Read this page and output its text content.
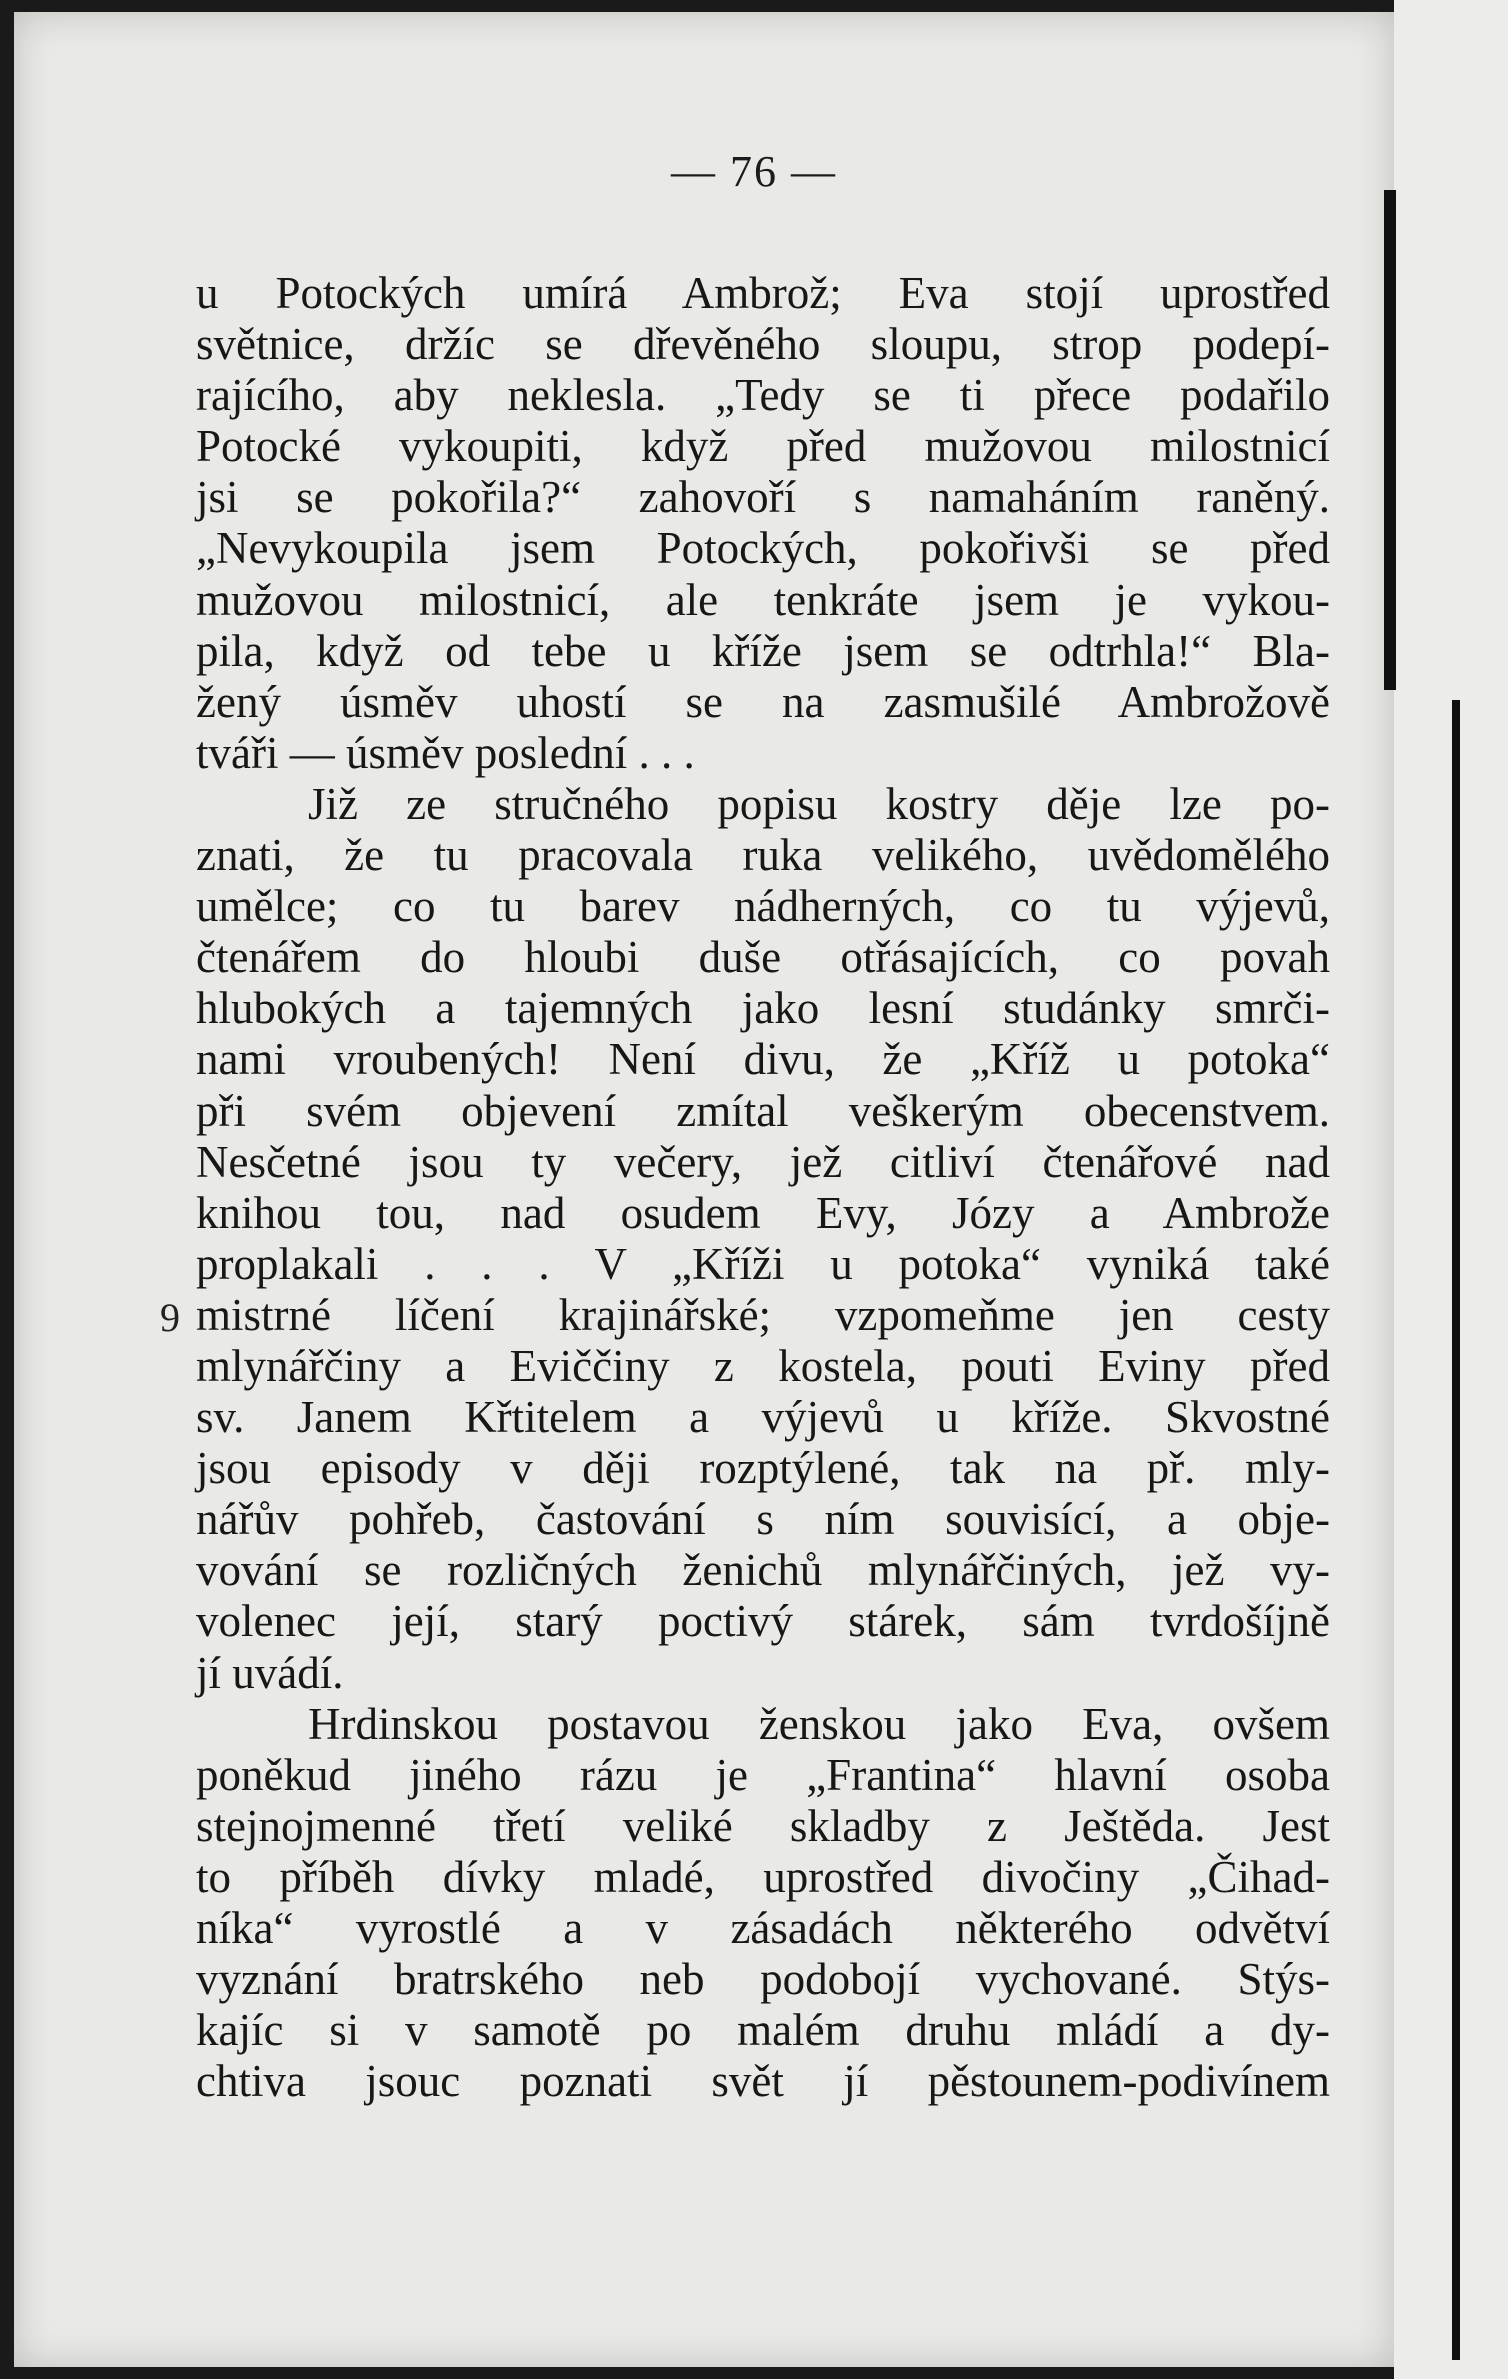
— 76 —
9
u Potockých umírá Ambrož; Eva stojí uprostřed
světnice, držíc se dřevěného sloupu, strop podepí-
rajícího, aby neklesla. „Tedy se ti přece podařilo
Potocké vykoupiti, když před mužovou milostnicí
jsi se pokořila?“ zahovoří s namaháním raněný.
„Nevykoupila jsem Potockých, pokořivši se před
mužovou milostnicí, ale tenkráte jsem je vykou-
pila, když od tebe u kříže jsem se odtrhla!“ Bla-
žený úsměv uhostí se na zasmušilé Ambrožově
tváři — úsměv poslední . . .
Již ze stručného popisu kostry děje lze po-
znati, že tu pracovala ruka velikého, uvědomělého
umělce; co tu barev nádherných, co tu výjevů,
čtenářem do hloubi duše otřásajících, co povah
hlubokých a tajemných jako lesní studánky smrči-
nami vroubených! Není divu, že „Kříž u potoka“
při svém objevení zmítal veškerým obecenstvem.
Nesčetné jsou ty večery, jež citliví čtenářové nad
knihou tou, nad osudem Evy, Józy a Ambrože
proplakali . . . V „Kříži u potoka“ vyniká také
mistrné líčení krajinářské; vzpomeňme jen cesty
mlynářčiny a Eviččiny z kostela, pouti Eviny před
sv. Janem Křtitelem a výjevů u kříže. Skvostné
jsou episody v ději rozptýlené, tak na př. mly-
nářův pohřeb, častování s ním souvisící, a obje-
vování se rozličných ženichů mlynářčiných, jež vy-
volenec její, starý poctivý stárek, sám tvrdošíjně
jí uvádí.
Hrdinskou postavou ženskou jako Eva, ovšem
poněkud jiného rázu je „Frantina“ hlavní osoba
stejnojmenné třetí veliké skladby z Ještěda. Jest
to příběh dívky mladé, uprostřed divočiny „Čihad-
níka“ vyrostlé a v zásadách některého odvětví
vyznání bratrského neb podobojí vychované. Stýs-
kajíc si v samotě po malém druhu mládí a dy-
chtiva jsouc poznati svět jí pěstounem-podivínem
